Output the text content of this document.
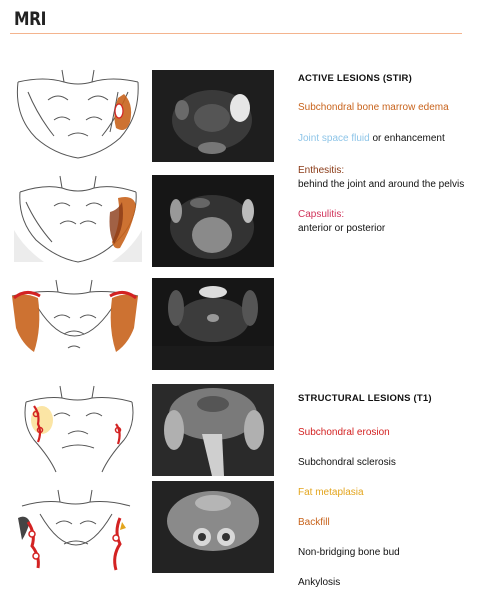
MRI
ACTIVE LESIONS (STIR)
Subchondral bone marrow edema
Joint space fluid or enhancement
Enthesitis:
behind the joint and around the pelvis
Capsulitis:
anterior or posterior
STRUCTURAL LESIONS (T1)
Subchondral erosion
Subchondral sclerosis
Fat metaplasia
Backfill
Non-bridging bone bud
Ankylosis
